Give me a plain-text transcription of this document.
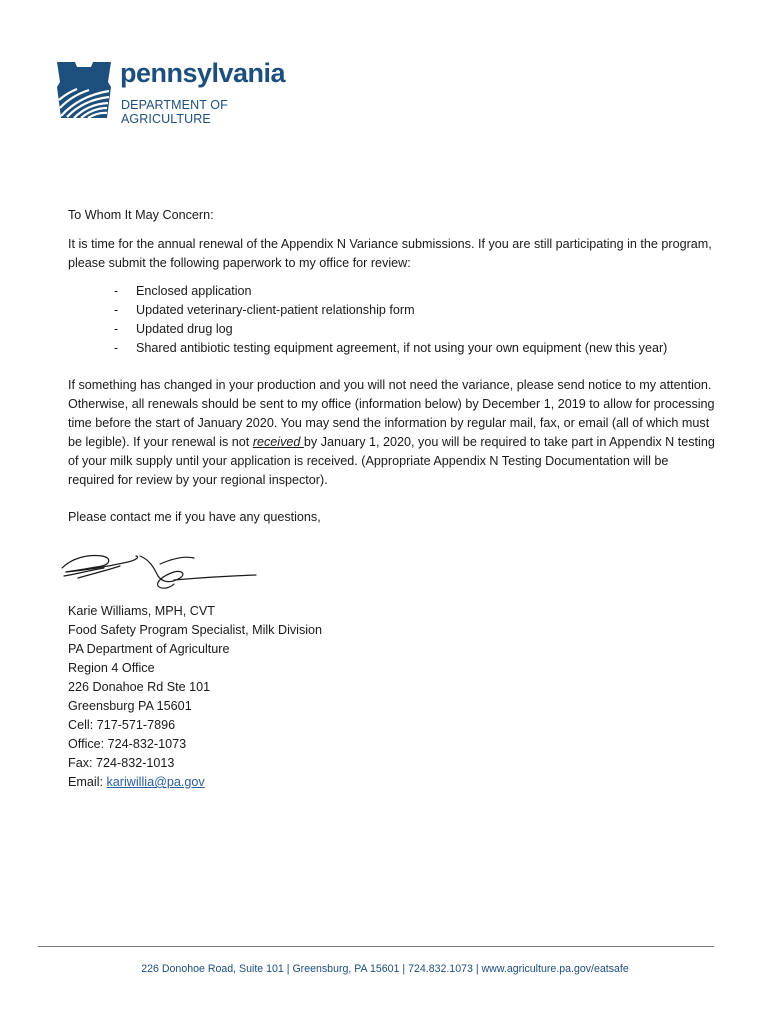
pennsylvania
DEPARTMENT OF AGRICULTURE

To Whom It May Concern:

It is time for the annual renewal of the Appendix N Variance submissions. If you are still participating in the program, please submit the following paperwork to my office for review:

- Enclosed application
- Updated veterinary-client-patient relationship form
- Updated drug log
- Shared antibiotic testing equipment agreement, if not using your own equipment (new this year)

If something has changed in your production and you will not need the variance, please send notice to my attention. Otherwise, all renewals should be sent to my office (information below) by December 1, 2019 to allow for processing time before the start of January 2020. You may send the information by regular mail, fax, or email (all of which must be legible). If your renewal is not received by January 1, 2020, you will be required to take part in Appendix N testing of your milk supply until your application is received. (Appropriate Appendix N Testing Documentation will be required for review by your regional inspector).

Please contact me if you have any questions,

Karie Williams, MPH, CVT
Food Safety Program Specialist, Milk Division
PA Department of Agriculture
Region 4 Office
226 Donahoe Rd Ste 101
Greensburg PA 15601
Cell: 717-571-7896
Office: 724-832-1073
Fax: 724-832-1013
Email: kariwillia@pa.gov
226 Donohoe Road, Suite 101 | Greensburg, PA 15601 | 724.832.1073 | www.agriculture.pa.gov/eatsafe
